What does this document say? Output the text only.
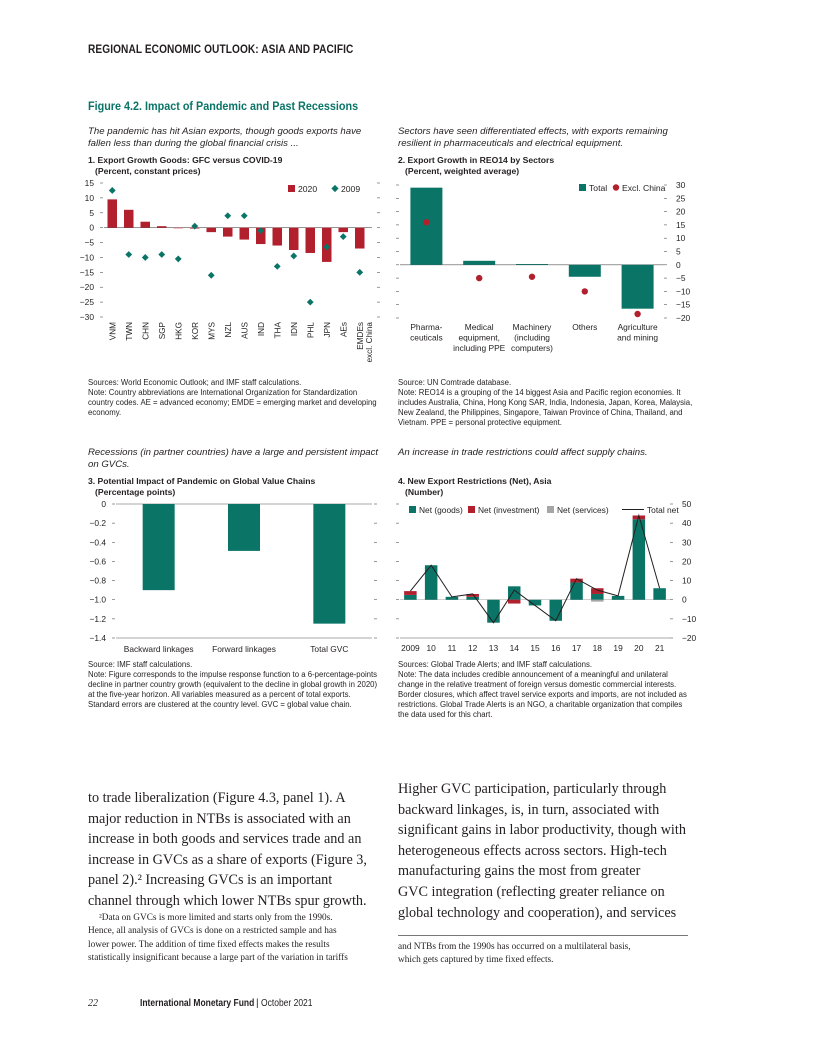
REGIONAL ECONOMIC OUTLOOK: ASIA AND PACIFIC
Figure 4.2. Impact of Pandemic and Past Recessions
The pandemic has hit Asian exports, though goods exports have fallen less than during the global financial crisis ...
1. Export Growth Goods: GFC versus COVID-19
(Percent, constant prices)
15
10
5
0
−5
−10
−15
−20
−25
−30
VNM TWN CHN SGP HKG KOR MYS NZL AUS IND THA IDN PHL JPN AEs EMDEs excl. China
2020	2009
Sources: World Economic Outlook; and IMF staff calculations.
Note: Country abbreviations are International Organization for Standardization country codes. AE = advanced economy; EMDE = emerging market and developing economy.
Sectors have seen differentiated effects, with exports remaining resilient in pharmaceuticals and electrical equipment.
2. Export Growth in REO14 by Sectors
(Percent, weighted average)
30
25
20
15
10
5
0
−5
−10
−15
−20
Pharma-
ceuticals
Medical
equipment,
including PPE
Machinery
(including
computers)
Others Agriculture
and mining
Total Excl. China
Source: UN Comtrade database.
Note: REO14 is a grouping of the 14 biggest Asia and Pacific region economies. It includes Australia, China, Hong Kong SAR, India, Indonesia, Japan, Korea, Malaysia, New Zealand, the Philippines, Singapore, Taiwan Province of China, Thailand, and Vietnam. PPE = personal protective equipment.
Recessions (in partner countries) have a large and persistent impact on GVCs.
3. Potential Impact of Pandemic on Global Value Chains
(Percentage points)
0
−0.2
−0.4
−0.6
−0.8
−1.0
−1.2
−1.4
Backward linkages Forward linkages	Total GVC
Source: IMF staff calculations.
Note: Figure corresponds to the impulse response function to a 6-percentage-points decline in partner country growth (equivalent to the decline in global growth in 2020) at the five-year horizon. All variables measured as a percent of total exports. Standard errors are clustered at the country level. GVC = global value chain.
An increase in trade restrictions could affect supply chains.
4. New Export Restrictions (Net), Asia
(Number)
50
40
30
20
10
0
−10
−20
2009 10 11 12 13 14 15 16 17 18 19 20 21
Net (goods) Net (investment) Net (services)	Total net
Sources: Global Trade Alerts; and IMF staff calculations.
Note: The data includes credible announcement of a meaningful and unilateral change in the relative treatment of foreign versus domestic commercial interests. Border closures, which affect travel service exports and imports, are not included as restrictions. Global Trade Alerts is an NGO, a charitable organization that compiles the data used for this chart.
to trade liberalization (Figure 4.3, panel 1). A
major reduction in NTBs is associated with an
increase in both goods and services trade and an
increase in GVCs as a share of exports (Figure 3,
panel 2).² Increasing GVCs is an important
channel through which lower NTBs spur growth.
Higher GVC participation, particularly through
backward linkages, is, in turn, associated with
significant gains in labor productivity, though with
heterogeneous effects across sectors. High-tech
manufacturing gains the most from greater
GVC integration (reflecting greater reliance on
global technology and cooperation), and services
²Data on GVCs is more limited and starts only from the 1990s.
Hence, all analysis of GVCs is done on a restricted sample and has
lower power. The addition of time fixed effects makes the results
statistically insignificant because a large part of the variation in tariffs
and NTBs from the 1990s has occurred on a multilateral basis,
which gets captured by time fixed effects.
22	International Monetary Fund | October 2021
